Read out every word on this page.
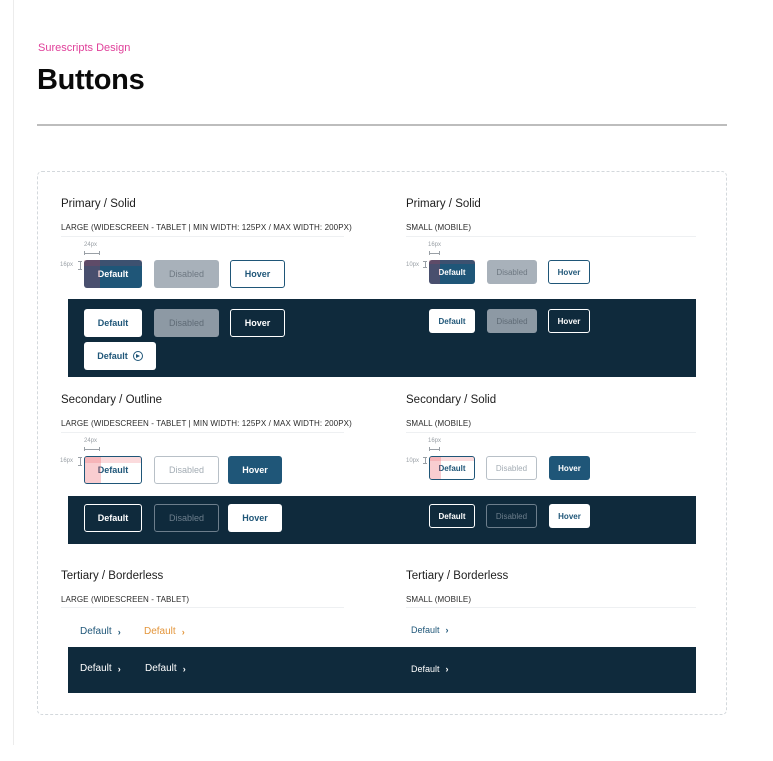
Surescripts Design
Buttons
Primary / Solid
LARGE (WIDESCREEN - TABLET | MIN WIDTH: 125PX / MAX WIDTH: 200PX)
24px
16px
Default	Disabled	Hover
Primary / Solid
SMALL (MOBILE)
16px
10px
Default	Disabled	Hover
Default	Disabled	Hover
Default
Default	Disabled	Hover
Secondary / Outline
LARGE (WIDESCREEN - TABLET | MIN WIDTH: 125PX / MAX WIDTH: 200PX)
24px
16px
Default	Disabled	Hover
Secondary / Solid
SMALL (MOBILE)
16px
10px
Default	Disabled	Hover
Default	Disabled	Hover	Default	Disabled	Hover
Tertiary / Borderless
LARGE (WIDESCREEN - TABLET)
Default › Default ›
Tertiary / Borderless
SMALL (MOBILE)
Default ›
Default › Default ›	Default ›
